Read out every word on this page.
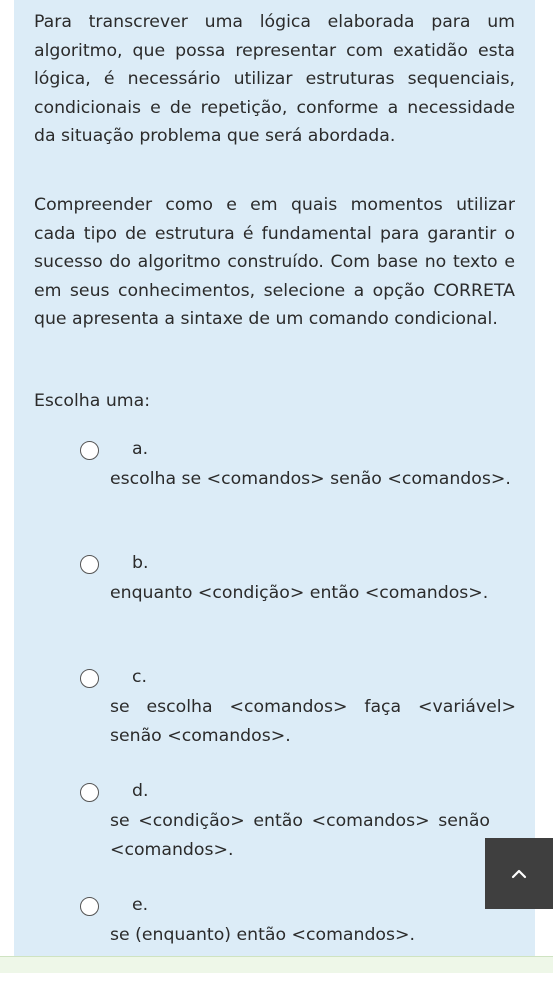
Para transcrever uma lógica elaborada para um algoritmo, que possa representar com exatidão esta lógica, é necessário utilizar estruturas sequenciais, condicionais e de repetição, conforme a necessidade da situação problema que será abordada.

Compreender como e em quais momentos utilizar cada tipo de estrutura é fundamental para garantir o sucesso do algoritmo construído. Com base no texto e em seus conhecimentos, selecione a opção CORRETA que apresenta a sintaxe de um comando condicional.

Escolha uma:
a.

escolha se <comandos> senão <comandos>.

b.

enquanto <condição> então <comandos>.

c.

se escolha <comandos> faça <variável> senão <comandos>.

d.

se <condição> então <comandos> senão <comandos>.

e.

se (enquanto) então <comandos>.
